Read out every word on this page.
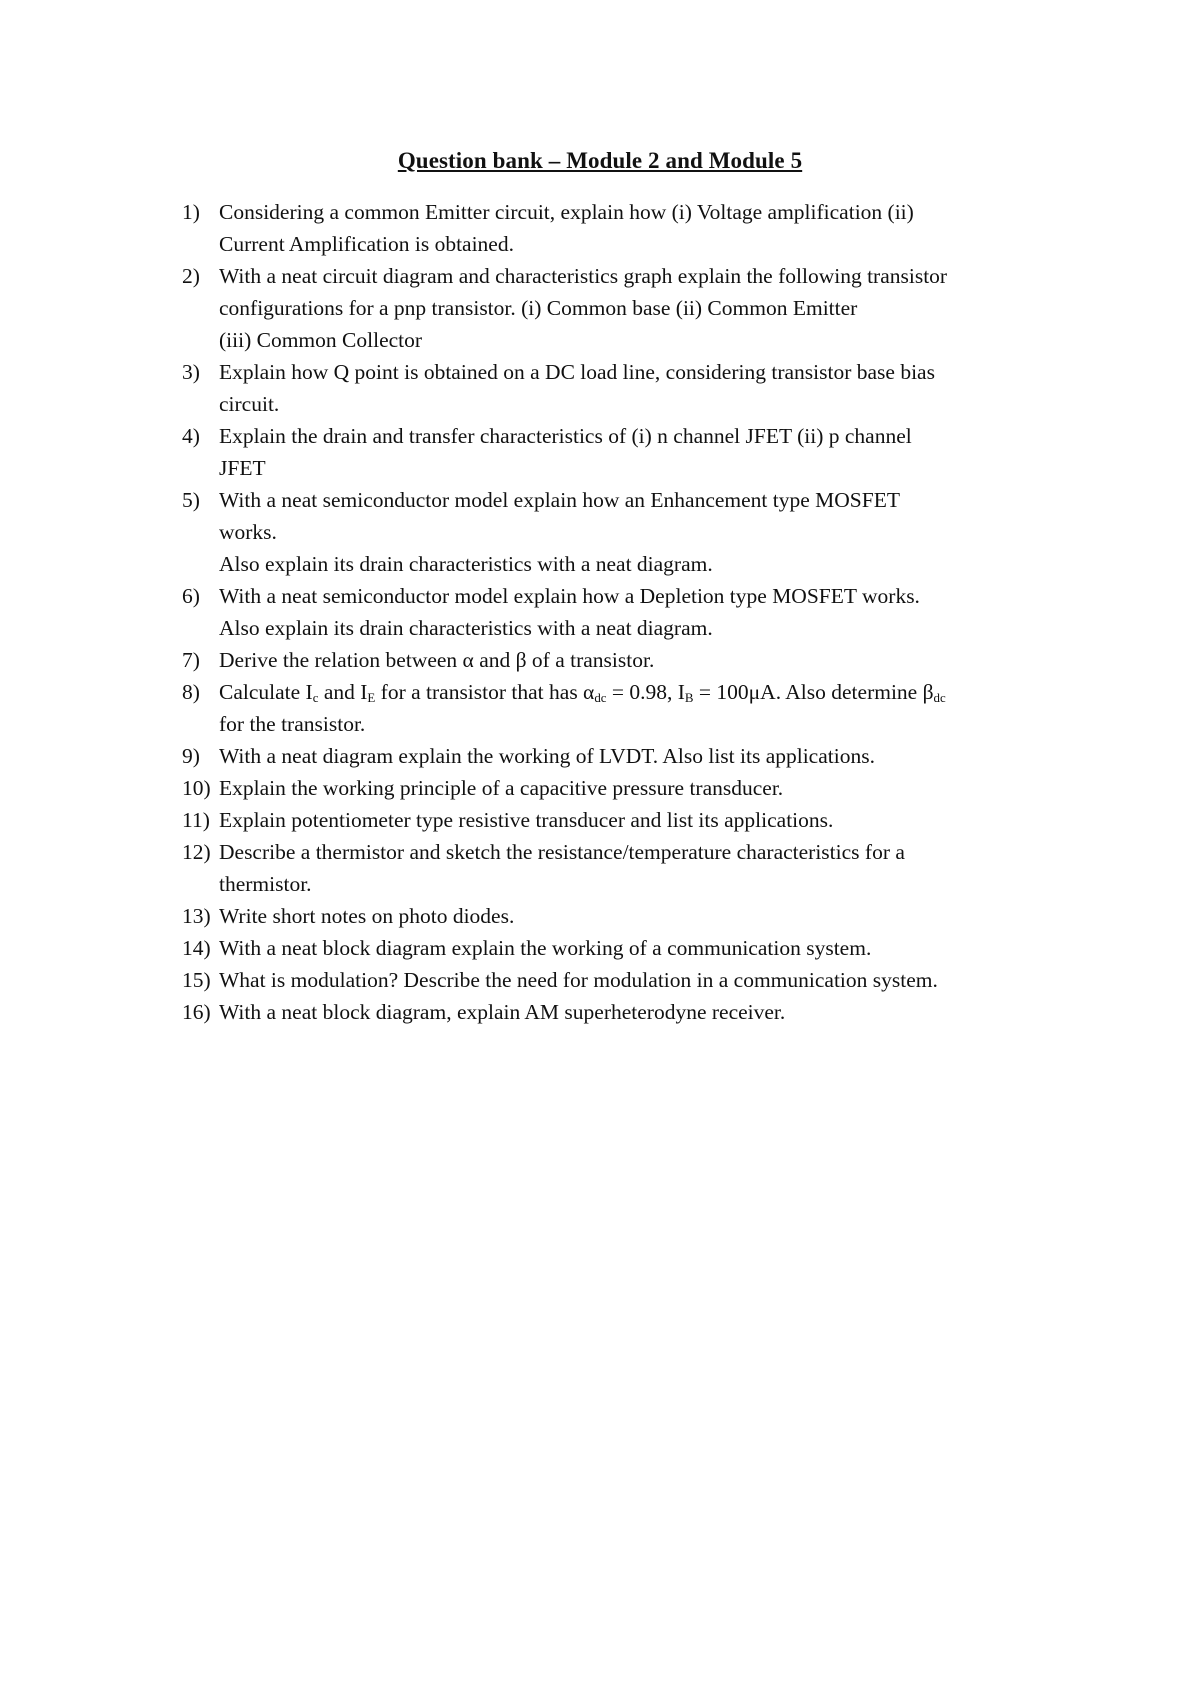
Question bank – Module 2 and Module 5
1) Considering a common Emitter circuit, explain how (i) Voltage amplification (ii)
Current Amplification is obtained.
2) With a neat circuit diagram and characteristics graph explain the following transistor
configurations for a pnp transistor. (i) Common base (ii) Common Emitter
(iii) Common Collector
3) Explain how Q point is obtained on a DC load line, considering transistor base bias
circuit.
4) Explain the drain and transfer characteristics of (i) n channel JFET (ii) p channel
JFET
5) With a neat semiconductor model explain how an Enhancement type MOSFET
works.
Also explain its drain characteristics with a neat diagram.
6) With a neat semiconductor model explain how a Depletion type MOSFET works.
Also explain its drain characteristics with a neat diagram.
7) Derive the relation between α and β of a transistor.
8) Calculate $I_c$ and $I_E$ for a transistor that has $\alpha_{dc} = 0.98$, $I_B = 100\mu A$. Also determine $\beta_{dc}$
for the transistor.
9) With a neat diagram explain the working of LVDT. Also list its applications.
10) Explain the working principle of a capacitive pressure transducer.
11) Explain potentiometer type resistive transducer and list its applications.
12) Describe a thermistor and sketch the resistance/temperature characteristics for a
thermistor.
13) Write short notes on photo diodes.
14) With a neat block diagram explain the working of a communication system.
15) What is modulation? Describe the need for modulation in a communication system.
16) With a neat block diagram, explain AM superheterodyne receiver.
